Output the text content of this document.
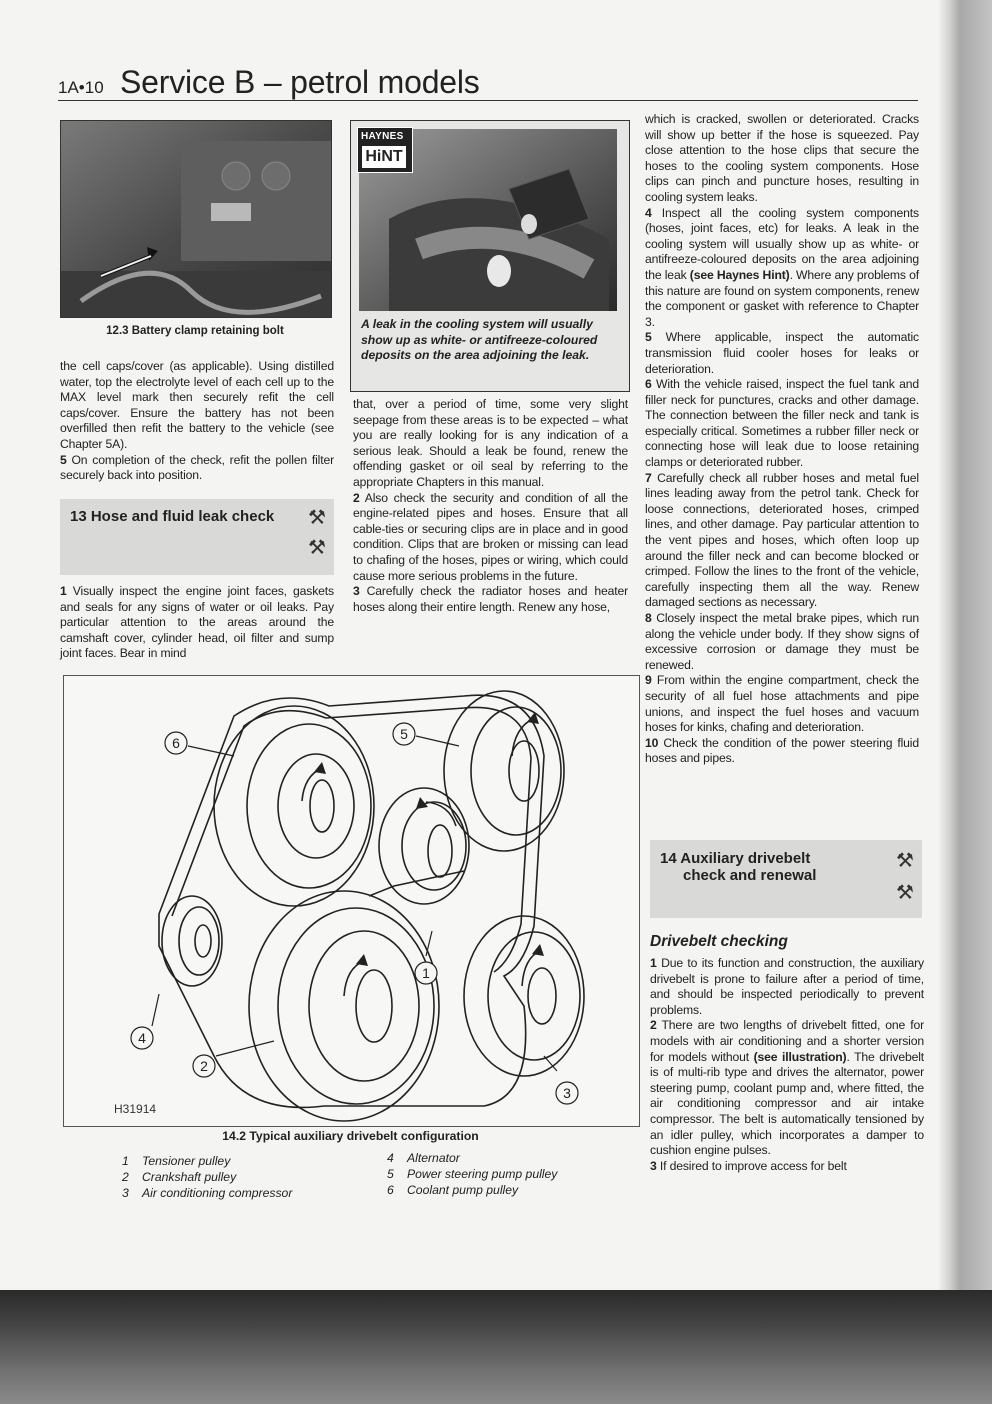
1A•10 Service B – petrol models
12.3 Battery clamp retaining bolt

the cell caps/cover (as applicable). Using distilled water, top the electrolyte level of each cell up to the MAX level mark then securely refit the cell caps/cover. Ensure the battery has not been overfilled then refit the battery to the vehicle (see Chapter 5A).

5 On completion of the check, refit the pollen filter securely back into position.

13 Hose and fluid leak check ⚒
⚒

1 Visually inspect the engine joint faces, gaskets and seals for any signs of water or oil leaks. Pay particular attention to the areas around the camshaft cover, cylinder head, oil filter and sump joint faces. Bear in mind

HAYNES
HiNT
A leak in the cooling system will usually show up as white- or antifreeze-coloured deposits on the area adjoining the leak.

that, over a period of time, some very slight seepage from these areas is to be expected – what you are really looking for is any indication of a serious leak. Should a leak be found, renew the offending gasket or oil seal by referring to the appropriate Chapters in this manual.

2 Also check the security and condition of all the engine-related pipes and hoses. Ensure that all cable-ties or securing clips are in place and in good condition. Clips that are broken or missing can lead to chafing of the hoses, pipes or wiring, which could cause more serious problems in the future.

3 Carefully check the radiator hoses and heater hoses along their entire length. Renew any hose,

which is cracked, swollen or deteriorated. Cracks will show up better if the hose is squeezed. Pay close attention to the hose clips that secure the hoses to the cooling system components. Hose clips can pinch and puncture hoses, resulting in cooling system leaks.

4 Inspect all the cooling system components (hoses, joint faces, etc) for leaks. A leak in the cooling system will usually show up as white- or antifreeze-coloured deposits on the area adjoining the leak (see Haynes Hint). Where any problems of this nature are found on system components, renew the component or gasket with reference to Chapter 3.

5 Where applicable, inspect the automatic transmission fluid cooler hoses for leaks or deterioration.

6 With the vehicle raised, inspect the fuel tank and filler neck for punctures, cracks and other damage. The connection between the filler neck and tank is especially critical. Sometimes a rubber filler neck or connecting hose will leak due to loose retaining clamps or deteriorated rubber.

7 Carefully check all rubber hoses and metal fuel lines leading away from the petrol tank. Check for loose connections, deteriorated hoses, crimped lines, and other damage. Pay particular attention to the vent pipes and hoses, which often loop up around the filler neck and can become blocked or crimped. Follow the lines to the front of the vehicle, carefully inspecting them all the way. Renew damaged sections as necessary.

8 Closely inspect the metal brake pipes, which run along the vehicle under body. If they show signs of excessive corrosion or damage they must be renewed.

9 From within the engine compartment, check the security of all fuel hose attachments and pipe unions, and inspect the fuel hoses and vacuum hoses for kinks, chafing and deterioration.

10 Check the condition of the power steering fluid hoses and pipes.

14 Auxiliary drivebelt
check and renewal
⚒
⚒
Drivebelt checking

1 Due to its function and construction, the auxiliary drivebelt is prone to failure after a period of time, and should be inspected periodically to prevent problems.

2 There are two lengths of drivebelt fitted, one for models with air conditioning and a shorter version for models without (see illustration). The drivebelt is of multi-rib type and drives the alternator, power steering pump, coolant pump and, where fitted, the air conditioning compressor and air intake compressor. The belt is automatically tensioned by an idler pulley, which incorporates a damper to cushion engine pulses.

3 If desired to improve access for belt

6
5
1
4
2
3
H31914
14.2 Typical auxiliary drivebelt configuration
1 Tensioner pulley
2 Crankshaft pulley
3 Air conditioning compressor
4 Alternator
5 Power steering pump pulley
6 Coolant pump pulley
